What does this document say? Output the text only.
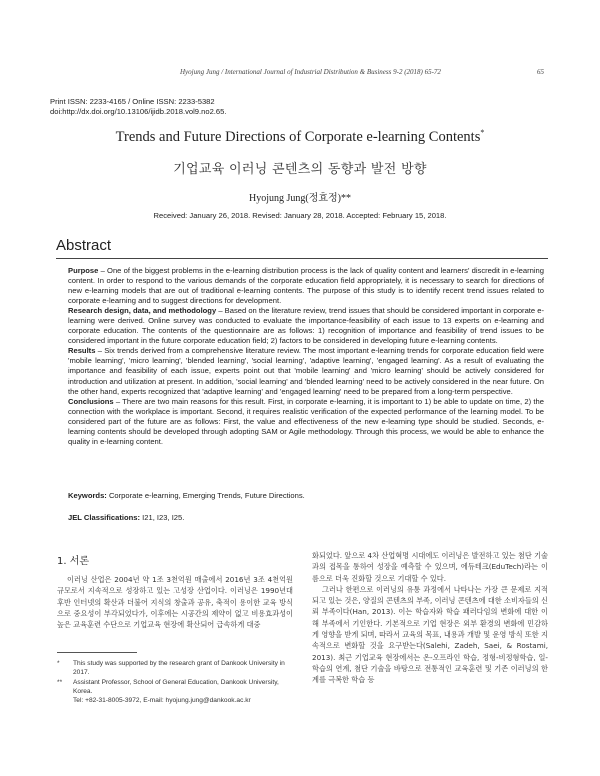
Hyojung Jung / International Journal of Industrial Distribution & Business 9-2 (2018) 65-72	65
Print ISSN: 2233-4165 / Online ISSN: 2233-5382
doi:http://dx.doi.org/10.13106/ijidb.2018.vol9.no2.65.
Trends and Future Directions of Corporate e-learning Contents*
기업교육 이러닝 콘텐츠의 동향과 발전 방향
Hyojung Jung(정효정)**
Received: January 26, 2018. Revised: January 28, 2018. Accepted: February 15, 2018.
Abstract

Purpose – One of the biggest problems in the e-learning distribution process is the lack of quality content and learners' discredit in e-learning content. In order to respond to the various demands of the corporate education field appropriately, it is necessary to search for directions of new e-learning models that are out of traditional e-learning contents. The purpose of this study is to identify recent trend issues related to corporate e-learning and to suggest directions for development.

Research design, data, and methodology – Based on the literature review, trend issues that should be considered important in corporate e-learning were derived. Online survey was conducted to evaluate the importance-feasibility of each issue to 13 experts on e-learning and corporate education. The contents of the questionnaire are as follows: 1) recognition of importance and feasibility of trend issues to be considered important in the future corporate education field; 2) factors to be considered in developing future e-learning contents.

Results – Six trends derived from a comprehensive literature review. The most important e-learning trends for corporate education field were 'mobile learning', 'micro learning', 'blended learning', 'social learning', 'adaptive learning', 'engaged learning'. As a result of evaluating the importance and feasibility of each issue, experts point out that 'mobile learning' and 'micro learning' should be actively considered for introduction and utilization at present. In addition, 'social learning' and 'blended learning' need to be actively considered in the near future. On the other hand, experts recognized that 'adaptive learning' and 'engaged learning' need to be prepared from a long-term perspective.

Conclusions – There are two main reasons for this result. First, in corporate e-learning, it is important to 1) be able to update on time, 2) the connection with the workplace is important. Second, it requires realistic verification of the expected performance of the learning model. To be considered part of the future are as follows: First, the value and effectiveness of the new e-learning type should be studied. Seconds, e-learning contents should be developed through adopting SAM or Agile methodology. Through this process, we would be able to enhance the quality in e-learning content.

Keywords: Corporate e-learning, Emerging Trends, Future Directions.
JEL Classifications: I21, I23, I25.
1. 서론

이러닝 산업은 2004년 약 1조 3천억원 매출에서 2016년 3조 4천억원 규모로서 지속적으로 성장하고 있는 고성장 산업이다. 이러닝은 1990년대 후반 인터넷의 확산과 더불어 지식의 창출과 공유, 축적이 용이한 교육 방식으로 중요성이 부각되었다가, 이후에는 시공간의 제약이 없고 비용효과성이 높은 교육훈련 수단으로 기업교육 현장에 확산되어 급속하게 대중

화되었다. 앞으로 4차 산업혁명 시대에도 이러닝은 발전하고 있는 첨단 기술과의 접목을 통하여 성장을 예측할 수 있으며, 에듀테크(EduTech)라는 이름으로 더욱 진화할 것으로 기대할 수 있다.

그러나 한편으로 이러닝의 유통 과정에서 나타나는 가장 큰 문제로 지적되고 있는 것은, 양질의 콘텐츠의 부족, 이러닝 콘텐츠에 대한 소비자들의 신뢰 부족이다(Han, 2013). 이는 학습자와 학습 패러다임의 변화에 대한 이해 부족에서 기인한다. 기본적으로 기업 현장은 외부 환경의 변화에 민감하게 영향을 받게 되며, 따라서 교육의 목표, 내용과 개발 및 운영 방식 또한 지속적으로 변화할 것을 요구받는다(Salehi, Zadeh, Saei, & Rostami, 2013). 최근 기업교육 현장에서는 온-오프라인 학습, 정형-비정형학습, 일-학습의 연계, 첨단 기술을 바탕으로 전통적인 교육훈련 및 기존 이러닝의 한계를 극복한 학습 등

* This study was supported by the research grant of Dankook University in 2017.
** Assistant Professor, School of General Education, Dankook University, Korea.
Tel: +82-31-8005-3972, E-mail: hyojung.jung@dankook.ac.kr
